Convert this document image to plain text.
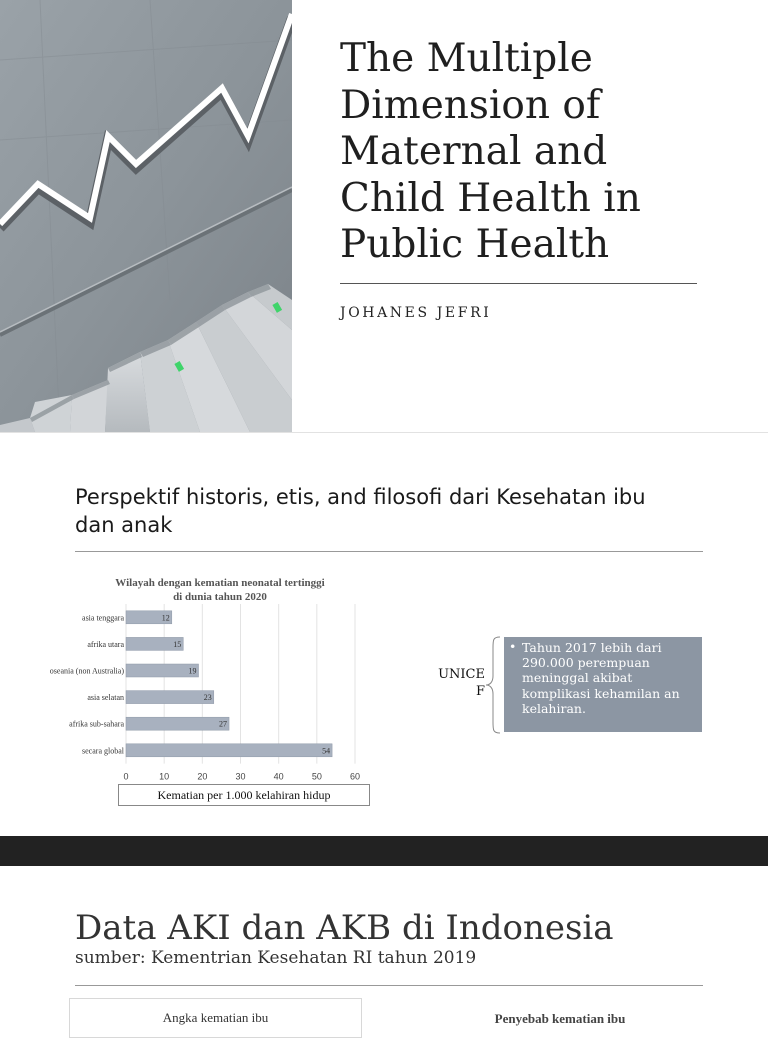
The Multiple
Dimension of
Maternal and
Child Health in
Public Health
JOHANES JEFRI
Perspektif historis, etis, and filosofi dari Kesehatan ibu
dan anak
Wilayah dengan kematian neonatal tertinggi
di dunia tahun 2020
asia tenggara	12
afrika utara	15
oseania (non Australia)	19
asia selatan	23
afrika sub-sahara	27
secara global	54
0	10	20	30	40	50	60
Kematian per 1.000 kelahiran hidup
UNICE
F
• Tahun 2017 lebih dari
290.000 perempuan
meninggal akibat
komplikasi kehamilan an
kelahiran.
Data AKI dan AKB di Indonesia
sumber: Kementrian Kesehatan RI tahun 2019
Angka kematian ibu	Penyebab kematian ibu
